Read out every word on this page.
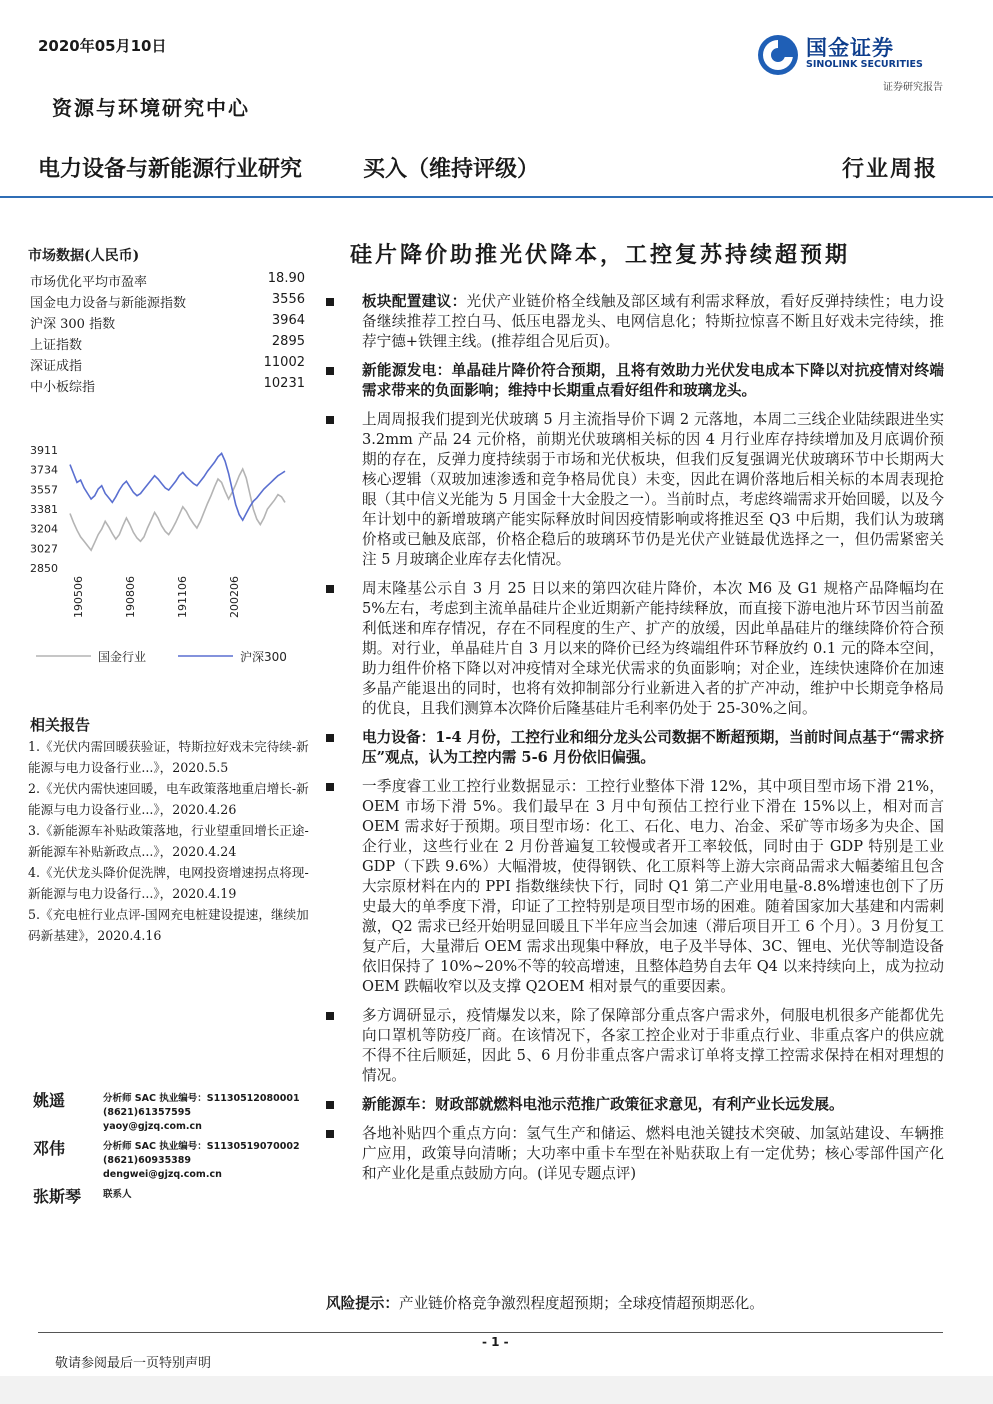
2020年05月10日
资源与环境研究中心
国金证券
SINOLINK SECURITIES
证券研究报告
电力设备与新能源行业研究	买入（维持评级）	行业周报
市场数据(人民币)
市场优化平均市盈率	18.90
国金电力设备与新能源指数	3556
沪深 300 指数	3964
上证指数	2895
深证成指	11002
中小板综指	10231
3911
3734
3557
3381
3204
3027
2850
190506	190806	191106	200206
国金行业	沪深300
相关报告
1.《光伏内需回暖获验证，特斯拉好戏未完待续-新能源与电力设备行业...》，2020.5.5
2.《光伏内需快速回暖，电车政策落地重启增长-新能源与电力设备行业...》，2020.4.26
3.《新能源车补贴政策落地，行业望重回增长正途-新能源车补贴新政点...》，2020.4.24
4.《光伏龙头降价促洗牌，电网投资增速拐点将现-新能源与电力设备行...》，2020.4.19
5.《充电桩行业点评-国网充电桩建设提速，继续加码新基建》，2020.4.16
姚遥	分析师 SAC 执业编号：S1130512080001
(8621)61357595
yaoy@gjzq.com.cn
邓伟	分析师 SAC 执业编号：S1130519070002
(8621)60935389
dengwei@gjzq.com.cn
张斯琴 联系人
硅片降价助推光伏降本，工控复苏持续超预期
板块配置建议：光伏产业链价格全线触及部区域有利需求释放，看好反弹持续性；电力设备继续推荐工控白马、低压电器龙头、电网信息化；特斯拉惊喜不断且好戏未完待续，推荐宁德+铁锂主线。(推荐组合见后页)。
新能源发电：单晶硅片降价符合预期，且将有效助力光伏发电成本下降以对抗疫情对终端需求带来的负面影响；维持中长期重点看好组件和玻璃龙头。
上周周报我们提到光伏玻璃 5 月主流指导价下调 2 元落地，本周二三线企业陆续跟进坐实 3.2mm 产品 24 元价格，前期光伏玻璃相关标的因 4 月行业库存持续增加及月底调价预期的存在，反弹力度持续弱于市场和光伏板块，但我们反复强调光伏玻璃环节中长期两大核心逻辑（双玻加速渗透和竞争格局优良）未变，因此在调价落地后相关标的本周表现抢眼（其中信义光能为 5 月国金十大金股之一）。当前时点，考虑终端需求开始回暖，以及今年计划中的新增玻璃产能实际释放时间因疫情影响或将推迟至 Q3 中后期，我们认为玻璃价格或已触及底部，价格企稳后的玻璃环节仍是光伏产业链最优选择之一，但仍需紧密关注 5 月玻璃企业库存去化情况。
周末隆基公示自 3 月 25 日以来的第四次硅片降价，本次 M6 及 G1 规格产品降幅均在 5%左右，考虑到主流单晶硅片企业近期新产能持续释放，而直接下游电池片环节因当前盈利低迷和库存情况，存在不同程度的生产、扩产的放缓，因此单晶硅片的继续降价符合预期。对行业，单晶硅片自 3 月以来的降价已经为终端组件环节释放约 0.1 元的降本空间，助力组件价格下降以对冲疫情对全球光伏需求的负面影响；对企业，连续快速降价在加速多晶产能退出的同时，也将有效抑制部分行业新进入者的扩产冲动，维护中长期竞争格局的优良，且我们测算本次降价后隆基硅片毛利率仍处于 25-30%之间。
电力设备：1-4 月份，工控行业和细分龙头公司数据不断超预期，当前时间点基于“需求挤压”观点，认为工控内需 5-6 月份依旧偏强。
一季度睿工业工控行业数据显示：工控行业整体下滑 12%，其中项目型市场下滑 21%，OEM 市场下滑 5%。我们最早在 3 月中旬预估工控行业下滑在 15%以上，相对而言 OEM 需求好于预期。项目型市场：化工、石化、电力、冶金、采矿等市场多为央企、国企行业，这些行业在 2 月份普遍复工较慢或者开工率较低，同时由于 GDP 特别是工业 GDP（下跌 9.6%）大幅滑坡，使得钢铁、化工原料等上游大宗商品需求大幅萎缩且包含大宗原材料在内的 PPI 指数继续快下行，同时 Q1 第二产业用电量-8.8%增速也创下了历史最大的单季度下滑，印证了工控特别是项目型市场的困难。随着国家加大基建和内需刺激，Q2 需求已经开始明显回暖且下半年应当会加速（滞后项目开工 6 个月）。3 月份复工复产后，大量滞后 OEM 需求出现集中释放，电子及半导体、3C、锂电、光伏等制造设备依旧保持了 10%~20%不等的较高增速，且整体趋势自去年 Q4 以来持续向上，成为拉动 OEM 跌幅收窄以及支撑 Q2OEM 相对景气的重要因素。
多方调研显示，疫情爆发以来，除了保障部分重点客户需求外，伺服电机很多产能都优先向口罩机等防疫厂商。在该情况下，各家工控企业对于非重点行业、非重点客户的供应就不得不往后顺延，因此 5、6 月份非重点客户需求订单将支撑工控需求保持在相对理想的情况。
新能源车：财政部就燃料电池示范推广政策征求意见，有利产业长远发展。
各地补贴四个重点方向：氢气生产和储运、燃料电池关键技术突破、加氢站建设、车辆推广应用，政策导向清晰；大功率中重卡车型在补贴获取上有一定优势；核心零部件国产化和产业化是重点鼓励方向。(详见专题点评)
风险提示：产业链价格竞争激烈程度超预期；全球疫情超预期恶化。
- 1 -
敬请参阅最后一页特别声明
